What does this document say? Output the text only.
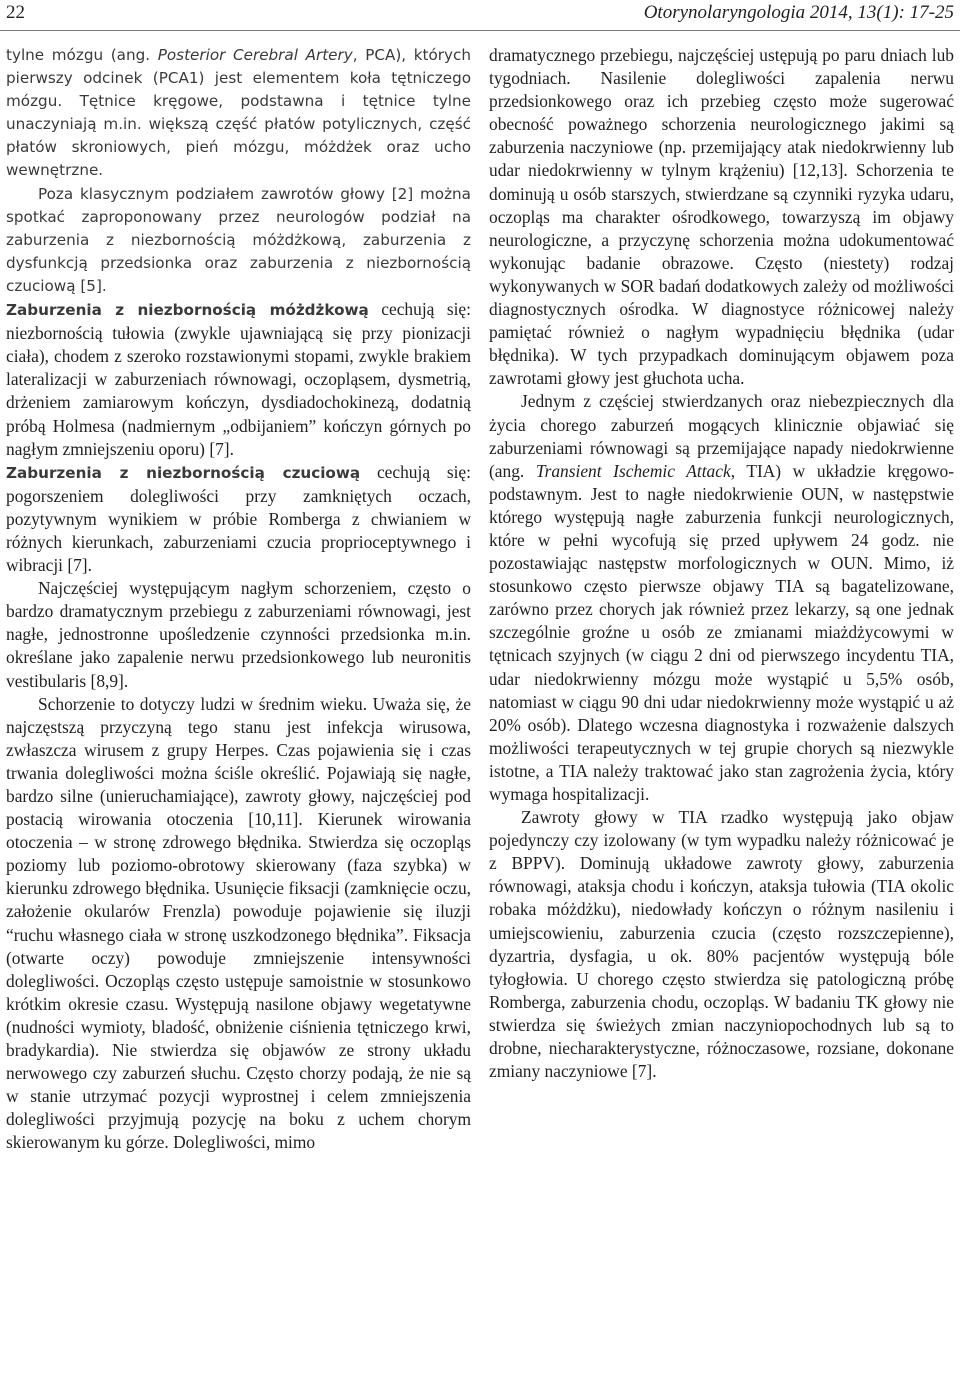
22	Otorynolaryngologia 2014, 13(1): 17-25

tylne mózgu (ang. Posterior Cerebral Artery, PCA), których pierwszy odcinek (PCA1) jest elementem koła tętniczego mózgu. Tętnice kręgowe, podstawna i tętnice tylne unaczyniają m.in. większą część płatów potylicznych, część płatów skroniowych, pień mózgu, móżdżek oraz ucho wewnętrzne.

Poza klasycznym podziałem zawrotów głowy [2] można spotkać zaproponowany przez neurologów podział na zaburzenia z niezbornością móżdżkową, zaburzenia z dysfunkcją przedsionka oraz zaburzenia z niezbornością czuciową [5].

Zaburzenia z niezbornością móżdżkową cechują się: niezbornością tułowia (zwykle ujawniającą się przy pionizacji ciała), chodem z szeroko rozstawionymi stopami, zwykle brakiem lateralizacji w zaburzeniach równowagi, oczopląsem, dysmetrią, drżeniem zamiarowym kończyn, dysdiadochokinezą, dodatnią próbą Holmesa (nadmiernym „odbijaniem” kończyn górnych po nagłym zmniejszeniu oporu) [7].

Zaburzenia z niezbornością czuciową cechują się: pogorszeniem dolegliwości przy zamkniętych oczach, pozytywnym wynikiem w próbie Romberga z chwianiem w różnych kierunkach, zaburzeniami czucia proprioceptywnego i wibracji [7].

Najczęściej występującym nagłym schorzeniem, często o bardzo dramatycznym przebiegu z zaburzeniami równowagi, jest nagłe, jednostronne upośledzenie czynności przedsionka m.in. określane jako zapalenie nerwu przedsionkowego lub neuronitis vestibularis [8,9].

Schorzenie to dotyczy ludzi w średnim wieku. Uważa się, że najczęstszą przyczyną tego stanu jest infekcja wirusowa, zwłaszcza wirusem z grupy Herpes. Czas pojawienia się i czas trwania dolegliwości można ściśle określić. Pojawiają się nagłe, bardzo silne (unieruchamiające), zawroty głowy, najczęściej pod postacią wirowania otoczenia [10,11]. Kierunek wirowania otoczenia – w stronę zdrowego błędnika. Stwierdza się oczopląs poziomy lub poziomo-obrotowy skierowany (faza szybka) w kierunku zdrowego błędnika. Usunięcie fiksacji (zamknięcie oczu, założenie okularów Frenzla) powoduje pojawienie się iluzji “ruchu własnego ciała w stronę uszkodzonego błędnika”. Fiksacja (otwarte oczy) powoduje zmniejszenie intensywności dolegliwości. Oczopląs często ustępuje samoistnie w stosunkowo krótkim okresie czasu. Występują nasilone objawy wegetatywne (nudności wymioty, bladość, obniżenie ciśnienia tętniczego krwi, bradykardia). Nie stwierdza się objawów ze strony układu nerwowego czy zaburzeń słuchu. Często chorzy podają, że nie są w stanie utrzymać pozycji wyprostnej i celem zmniejszenia dolegliwości przyjmują pozycję na boku z uchem chorym skierowanym ku górze. Dolegliwości, mimo

dramatycznego przebiegu, najczęściej ustępują po paru dniach lub tygodniach. Nasilenie dolegliwości zapalenia nerwu przedsionkowego oraz ich przebieg często może sugerować obecność poważnego schorzenia neurologicznego jakimi są zaburzenia naczyniowe (np. przemijający atak niedokrwienny lub udar niedokrwienny w tylnym krążeniu) [12,13]. Schorzenia te dominują u osób starszych, stwierdzane są czynniki ryzyka udaru, oczopląs ma charakter ośrodkowego, towarzyszą im objawy neurologiczne, a przyczynę schorzenia można udokumentować wykonując badanie obrazowe. Często (niestety) rodzaj wykonywanych w SOR badań dodatkowych zależy od możliwości diagnostycznych ośrodka. W diagnostyce różnicowej należy pamiętać również o nagłym wypadnięciu błędnika (udar błędnika). W tych przypadkach dominującym objawem poza zawrotami głowy jest głuchota ucha.

Jednym z częściej stwierdzanych oraz niebezpiecznych dla życia chorego zaburzeń mogących klinicznie objawiać się zaburzeniami równowagi są przemijające napady niedokrwienne (ang. Transient Ischemic Attack, TIA) w układzie kręgowo-podstawnym. Jest to nagłe niedokrwienie OUN, w następstwie którego występują nagłe zaburzenia funkcji neurologicznych, które w pełni wycofują się przed upływem 24 godz. nie pozostawiając następstw morfologicznych w OUN. Mimo, iż stosunkowo często pierwsze objawy TIA są bagatelizowane, zarówno przez chorych jak również przez lekarzy, są one jednak szczególnie groźne u osób ze zmianami miażdżycowymi w tętnicach szyjnych (w ciągu 2 dni od pierwszego incydentu TIA, udar niedokrwienny mózgu może wystąpić u 5,5% osób, natomiast w ciągu 90 dni udar niedokrwienny może wystąpić u aż 20% osób). Dlatego wczesna diagnostyka i rozważenie dalszych możliwości terapeutycznych w tej grupie chorych są niezwykle istotne, a TIA należy traktować jako stan zagrożenia życia, który wymaga hospitalizacji.

Zawroty głowy w TIA rzadko występują jako objaw pojedynczy czy izolowany (w tym wypadku należy różnicować je z BPPV). Dominują układowe zawroty głowy, zaburzenia równowagi, ataksja chodu i kończyn, ataksja tułowia (TIA okolic robaka móżdżku), niedowłady kończyn o różnym nasileniu i umiejscowieniu, zaburzenia czucia (często rozszczepienne), dyzartria, dysfagia, u ok. 80% pacjentów występują bóle tyłogłowia. U chorego często stwierdza się patologiczną próbę Romberga, zaburzenia chodu, oczopląs. W badaniu TK głowy nie stwierdza się świeżych zmian naczyniopochodnych lub są to drobne, niecharakterystyczne, różnoczasowe, rozsiane, dokonane zmiany naczyniowe [7].
